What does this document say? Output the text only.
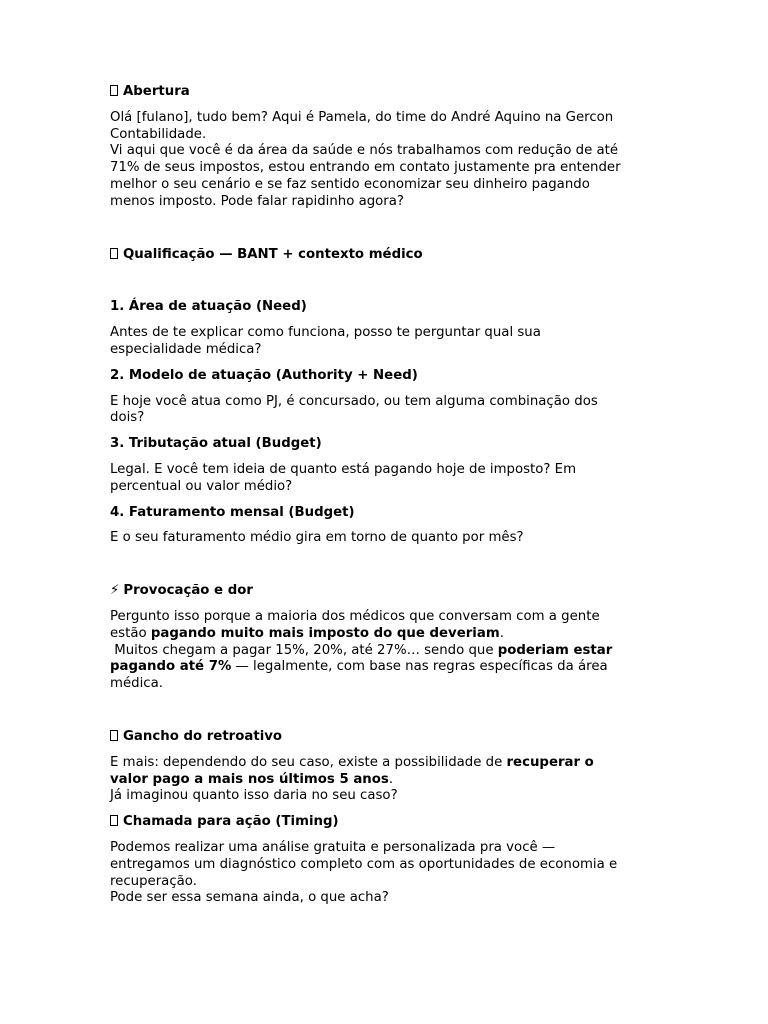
Abertura

Olá [fulano], tudo bem? Aqui é Pamela, do time do André Aquino na Gercon
Contabilidade.
Vi aqui que você é da área da saúde e nós trabalhamos com redução de até
71% de seus impostos, estou entrando em contato justamente pra entender
melhor o seu cenário e se faz sentido economizar seu dinheiro pagando
menos imposto. Pode falar rapidinho agora?

Qualificação — BANT + contexto médico

1. Área de atuação (Need)

Antes de te explicar como funciona, posso te perguntar qual sua
especialidade médica?

2. Modelo de atuação (Authority + Need)

E hoje você atua como PJ, é concursado, ou tem alguma combinação dos
dois?

3. Tributação atual (Budget)

Legal. E você tem ideia de quanto está pagando hoje de imposto? Em
percentual ou valor médio?

4. Faturamento mensal (Budget)

E o seu faturamento médio gira em torno de quanto por mês?

⚡ Provocação e dor

Pergunto isso porque a maioria dos médicos que conversam com a gente
estão pagando muito mais imposto do que deveriam.
Muitos chegam a pagar 15%, 20%, até 27%… sendo que poderiam estar
pagando até 7% — legalmente, com base nas regras específicas da área
médica.

Gancho do retroativo

E mais: dependendo do seu caso, existe a possibilidade de recuperar o
valor pago a mais nos últimos 5 anos.
Já imaginou quanto isso daria no seu caso?

Chamada para ação (Timing)

Podemos realizar uma análise gratuita e personalizada pra você —
entregamos um diagnóstico completo com as oportunidades de economia e
recuperação.
Pode ser essa semana ainda, o que acha?
